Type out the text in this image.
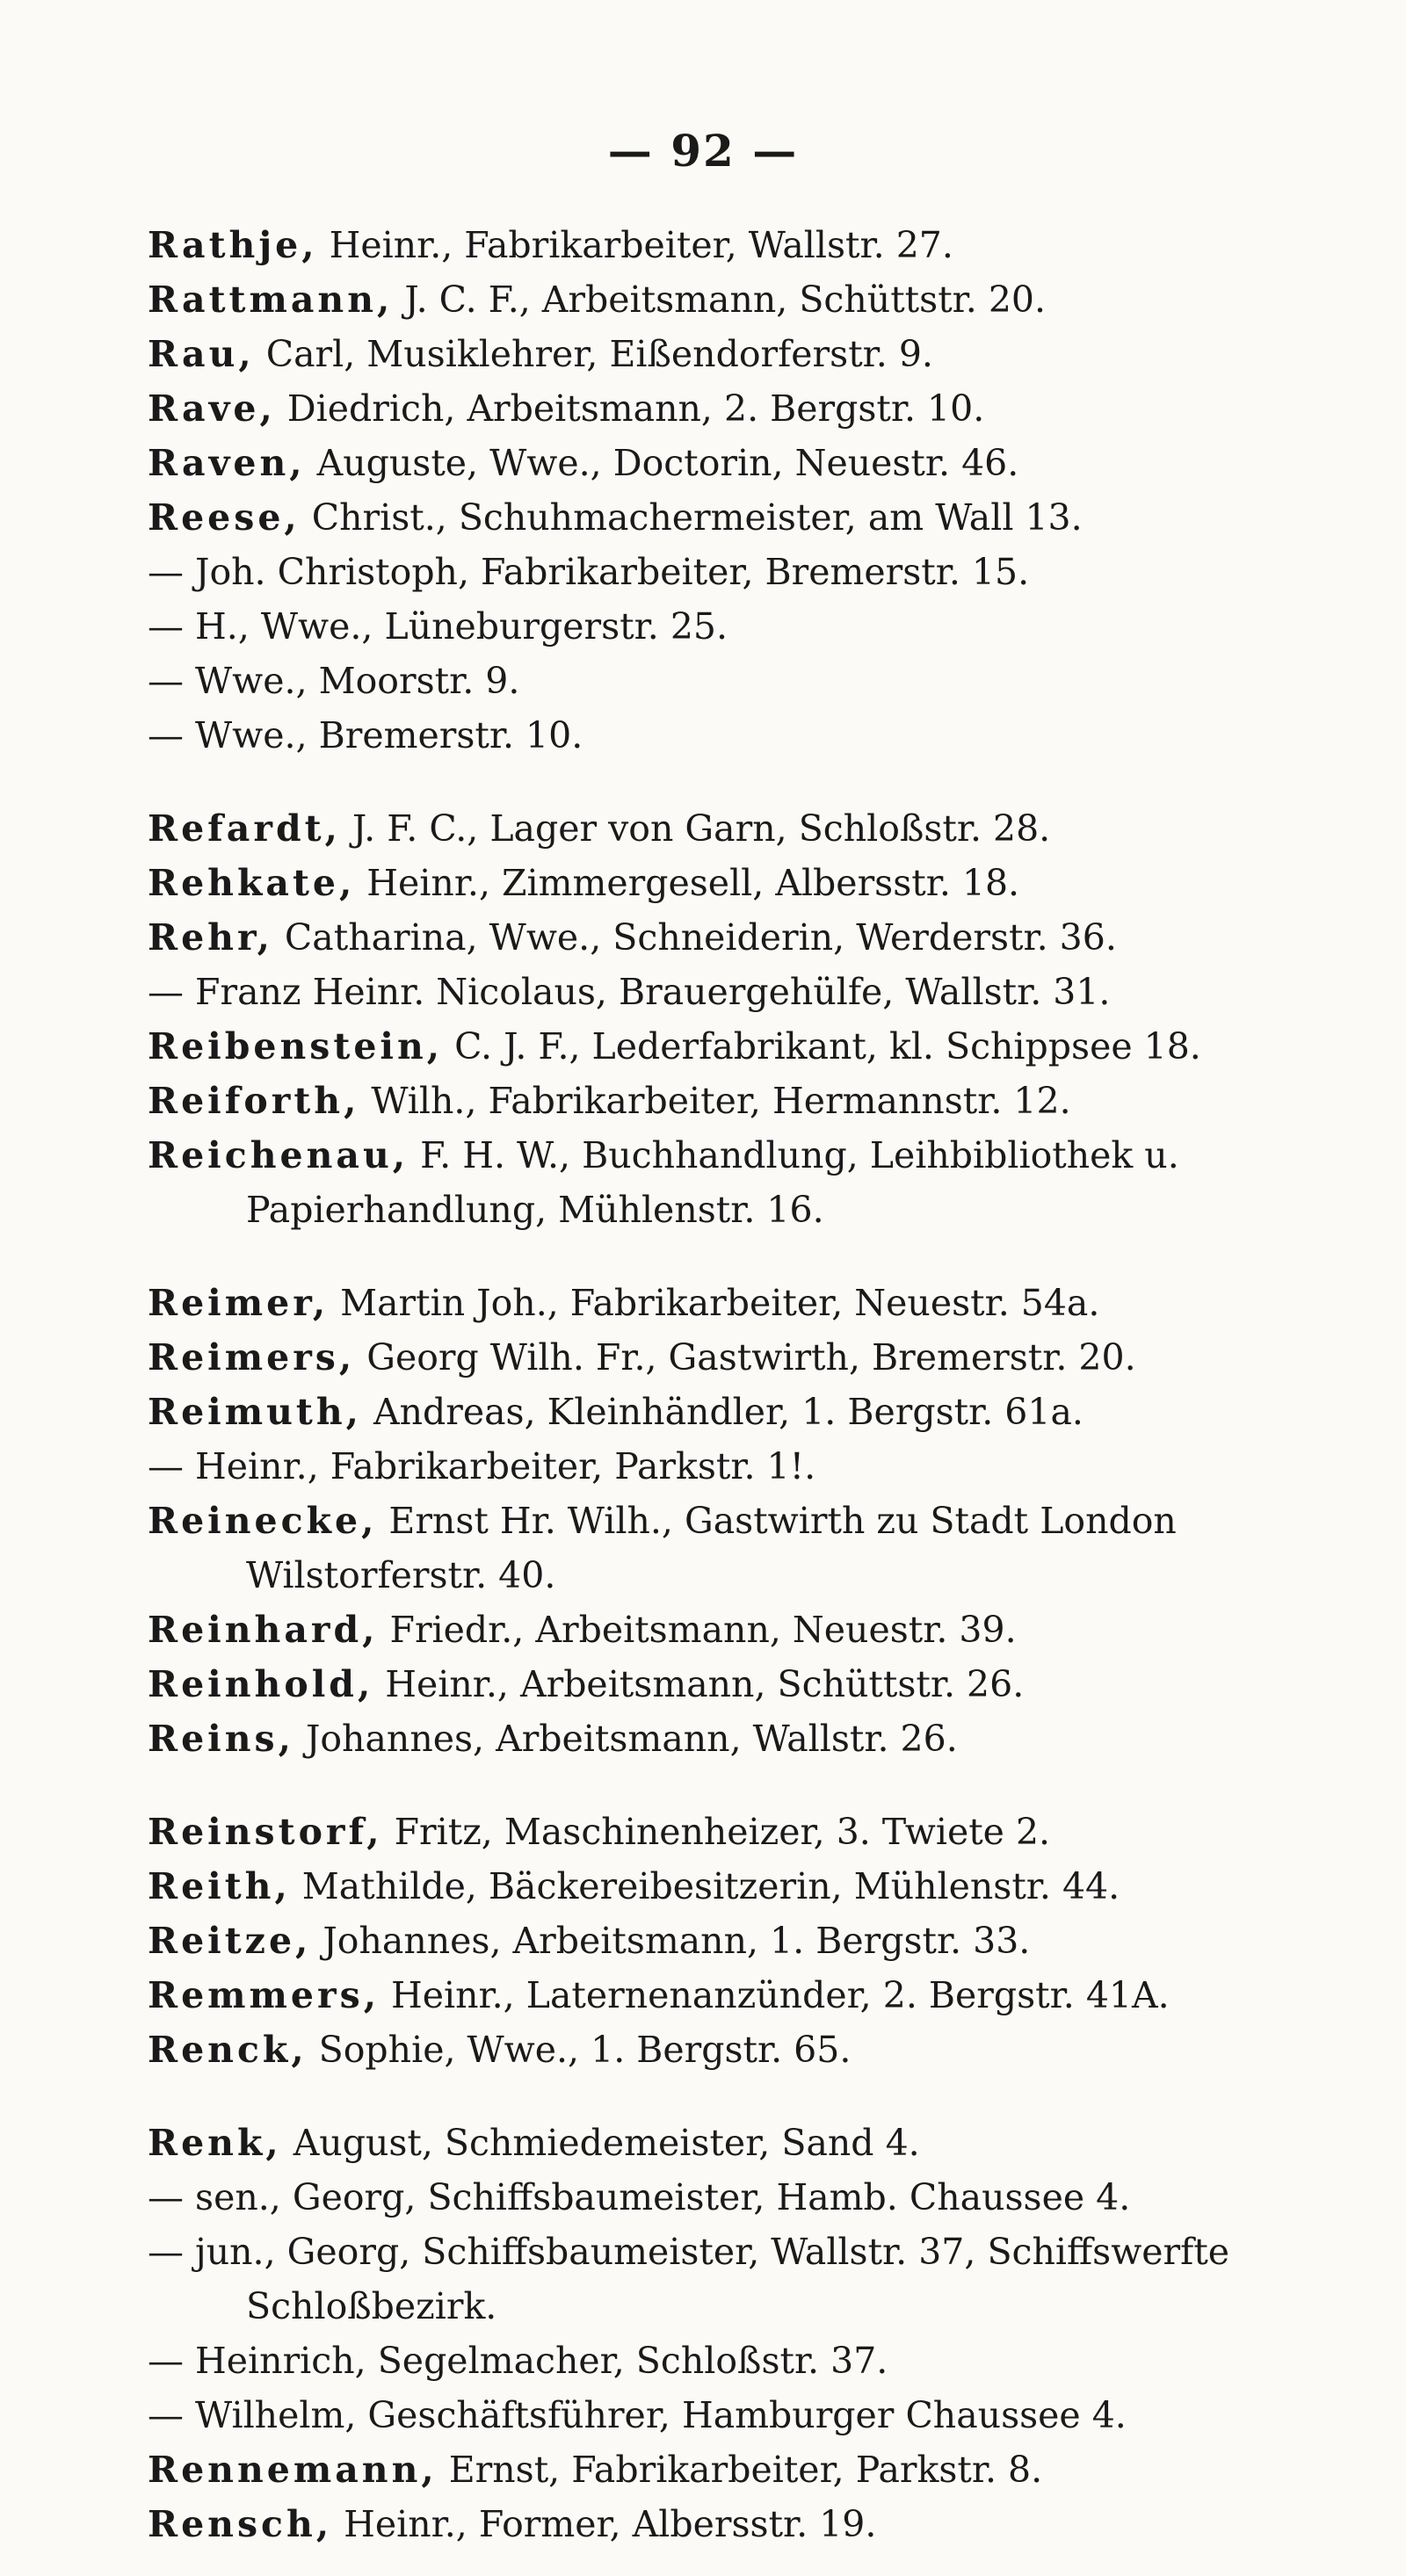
— 92 —
Rathje, Heinr., Fabrikarbeiter, Wallstr. 27.
Rattmann, J. C. F., Arbeitsmann, Schüttstr. 20.
Rau, Carl, Musiklehrer, Eißendorferstr. 9.
Rave, Diedrich, Arbeitsmann, 2. Bergstr. 10.
Raven, Auguste, Wwe., Doctorin, Neuestr. 46.
Reese, Christ., Schuhmachermeister, am Wall 13.
— Joh. Christoph, Fabrikarbeiter, Bremerstr. 15.
— H., Wwe., Lüneburgerstr. 25.
— Wwe., Moorstr. 9.
— Wwe., Bremerstr. 10.
Refardt, J. F. C., Lager von Garn, Schloßstr. 28.
Rehkate, Heinr., Zimmergesell, Albersstr. 18.
Rehr, Catharina, Wwe., Schneiderin, Werderstr. 36.
— Franz Heinr. Nicolaus, Brauergehülfe, Wallstr. 31.
Reibenstein, C. J. F., Lederfabrikant, kl. Schippsee 18.
Reiforth, Wilh., Fabrikarbeiter, Hermannstr. 12.
Reichenau, F. H. W., Buchhandlung, Leihbibliothek u.
Papierhandlung, Mühlenstr. 16.
Reimer, Martin Joh., Fabrikarbeiter, Neuestr. 54a.
Reimers, Georg Wilh. Fr., Gastwirth, Bremerstr. 20.
Reimuth, Andreas, Kleinhändler, 1. Bergstr. 61a.
— Heinr., Fabrikarbeiter, Parkstr. 1!.
Reinecke, Ernst Hr. Wilh., Gastwirth zu Stadt London
Wilstorferstr. 40.
Reinhard, Friedr., Arbeitsmann, Neuestr. 39.
Reinhold, Heinr., Arbeitsmann, Schüttstr. 26.
Reins, Johannes, Arbeitsmann, Wallstr. 26.
Reinstorf, Fritz, Maschinenheizer, 3. Twiete 2.
Reith, Mathilde, Bäckereibesitzerin, Mühlenstr. 44.
Reitze, Johannes, Arbeitsmann, 1. Bergstr. 33.
Remmers, Heinr., Laternenanzünder, 2. Bergstr. 41A.
Renck, Sophie, Wwe., 1. Bergstr. 65.
Renk, August, Schmiedemeister, Sand 4.
— sen., Georg, Schiffsbaumeister, Hamb. Chaussee 4.
— jun., Georg, Schiffsbaumeister, Wallstr. 37, Schiffswerfte
Schloßbezirk.
— Heinrich, Segelmacher, Schloßstr. 37.
— Wilhelm, Geschäftsführer, Hamburger Chaussee 4.
Rennemann, Ernst, Fabrikarbeiter, Parkstr. 8.
Rensch, Heinr., Former, Albersstr. 19.
